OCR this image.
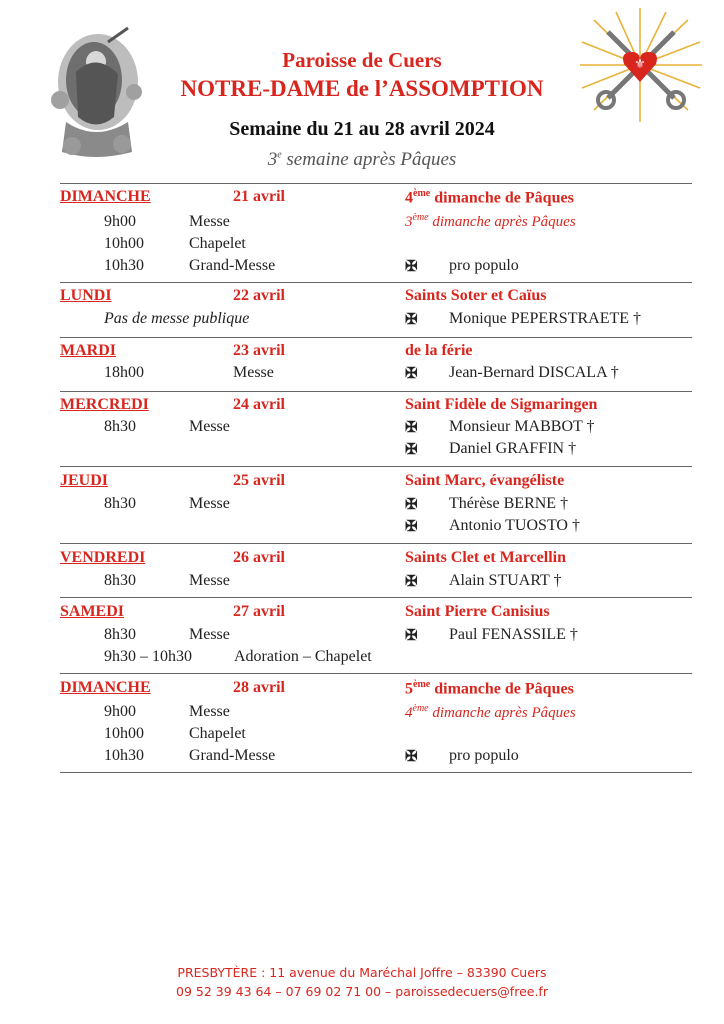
⚜
Paroisse de Cuers
NOTRE-DAME de l’ASSOMPTION
Semaine du 21 au 28 avril 2024
3e semaine après Pâques
DIMANCHE	21 avril	4ème dimanche de Pâques
3ème dimanche après Pâques
9h00	Messe
10h00	Chapelet
10h30	Grand-Messe	✠ pro populo
LUNDI	22 avril	Saints Soter et Caïus
Pas de messe publique	✠ Monique PEPERSTRAETE †
MARDI	23 avril	de la férie
18h00	Messe	✠ Jean-Bernard DISCALA †
MERCREDI	24 avril	Saint Fidèle de Sigmaringen
8h30	Messe	✠ Monsieur MABBOT †
✠ Daniel GRAFFIN †
JEUDI	25 avril	Saint Marc, évangéliste
8h30	Messe	✠ Thérèse BERNE †
✠ Antonio TUOSTO †
VENDREDI	26 avril	Saints Clet et Marcellin
8h30	Messe	✠ Alain STUART †
SAMEDI	27 avril	Saint Pierre Canisius
8h30	Messe	✠ Paul FENASSILE †
9h30 – 10h30	Adoration – Chapelet
DIMANCHE	28 avril	5ème dimanche de Pâques
4ème dimanche après Pâques
9h00	Messe
10h00	Chapelet
10h30	Grand-Messe	✠ pro populo
PRESBYTÈRE : 11 avenue du Maréchal Joffre – 83390 Cuers
09 52 39 43 64 – 07 69 02 71 00 – paroissedecuers@free.fr
